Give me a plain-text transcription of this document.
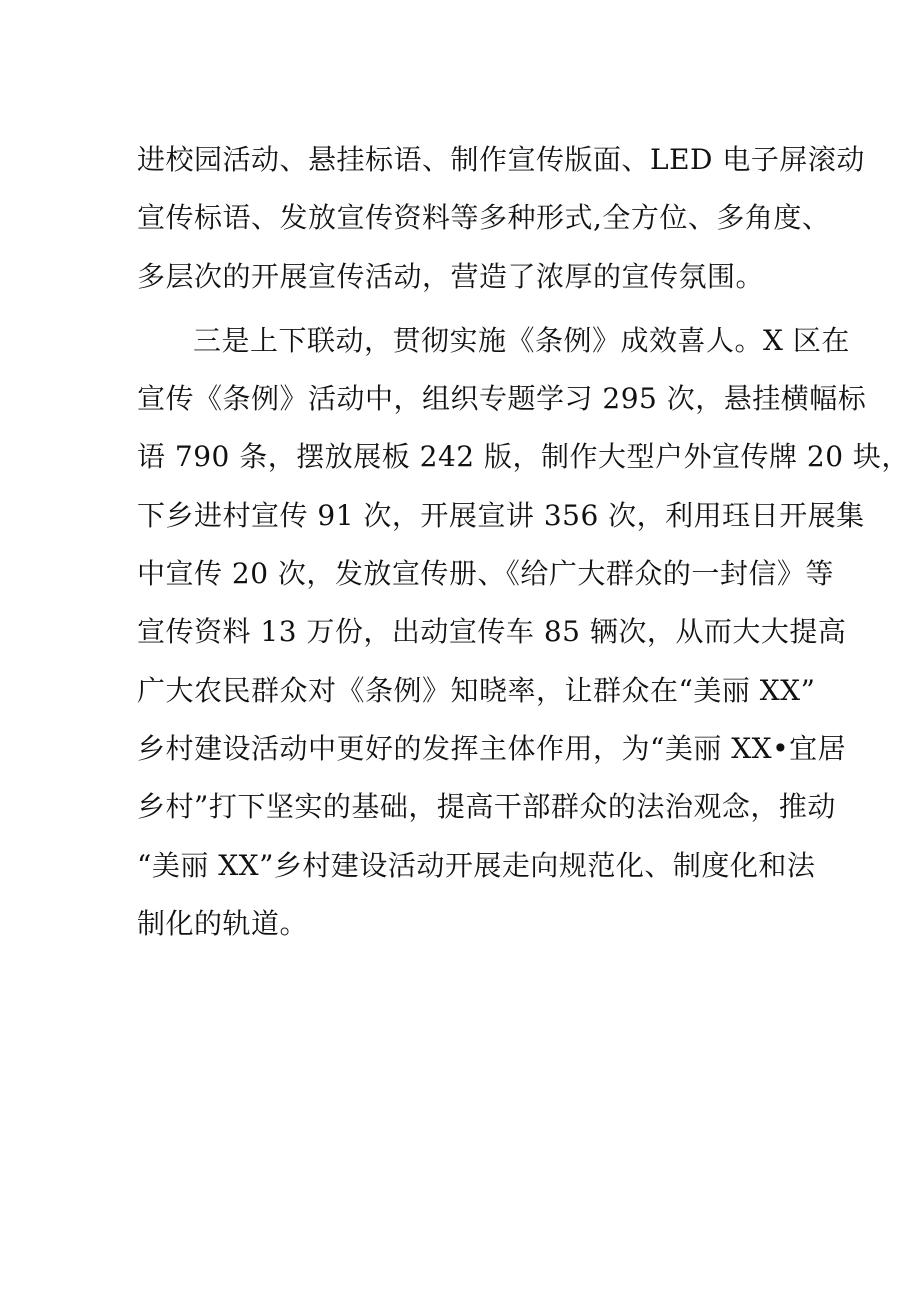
进校园活动、悬挂标语、制作宣传版面、LED 电子屏滚动
宣传标语、发放宣传资料等多种形式,全方位、多角度、
多层次的开展宣传活动，营造了浓厚的宣传氛围。
三是上下联动，贯彻实施《条例》成效喜人。X 区在
宣传《条例》活动中，组织专题学习 295 次，悬挂横幅标
语 790 条，摆放展板 242 版，制作大型户外宣传牌 20 块，
下乡进村宣传 91 次，开展宣讲 356 次，利用珏日开展集
中宣传 20 次，发放宣传册、《给广大群众的一封信》等
宣传资料 13 万份，出动宣传车 85 辆次，从而大大提高
广大农民群众对《条例》知晓率，让群众在“美丽 XX”
乡村建设活动中更好的发挥主体作用，为“美丽 XX•宜居
乡村”打下坚实的基础，提高干部群众的法治观念，推动
“美丽 XX”乡村建设活动开展走向规范化、制度化和法
制化的轨道。
